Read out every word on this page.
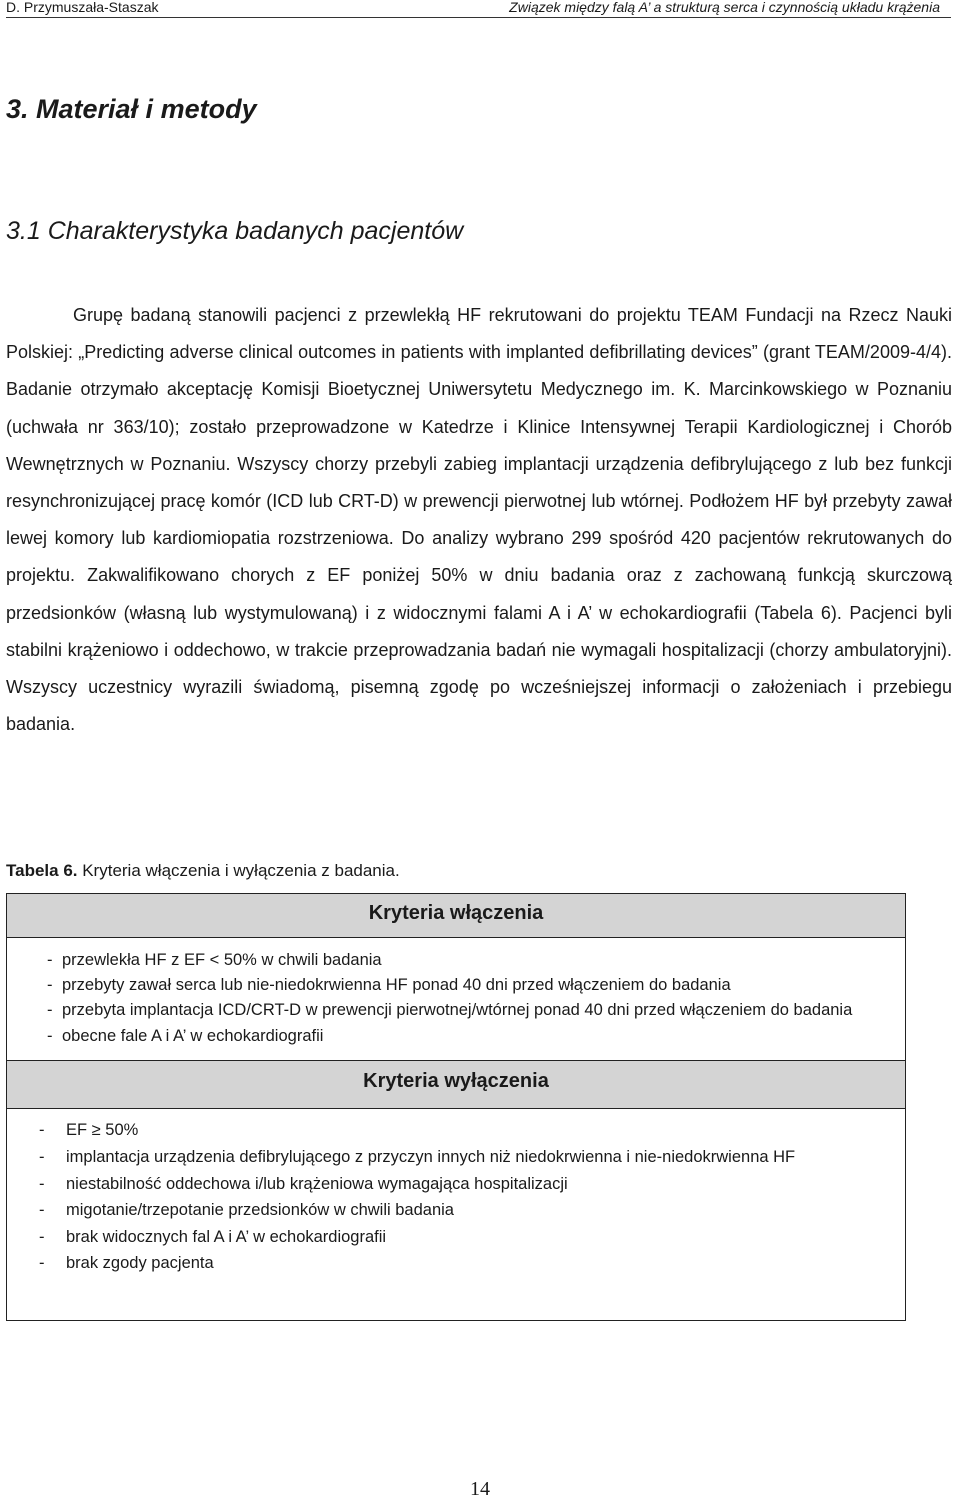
D. Przymuszała-Staszak	Związek między falą A’ a strukturą serca i czynnością układu krążenia
3. Materiał i metody
3.1 Charakterystyka badanych pacjentów

Grupę badaną stanowili pacjenci z przewlekłą HF rekrutowani do projektu TEAM Fundacji na Rzecz Nauki Polskiej: „Predicting adverse clinical outcomes in patients with implanted defibrillating devices” (grant TEAM/2009-4/4). Badanie otrzymało akceptację Komisji Bioetycznej Uniwersytetu Medycznego im. K. Marcinkowskiego w Poznaniu (uchwała nr 363/10); zostało przeprowadzone w Katedrze i Klinice Intensywnej Terapii Kardiologicznej i Chorób Wewnętrznych w Poznaniu. Wszyscy chorzy przebyli zabieg implantacji urządzenia defibrylującego z lub bez funkcji resynchronizującej pracę komór (ICD lub CRT-D) w prewencji pierwotnej lub wtórnej. Podłożem HF był przebyty zawał lewej komory lub kardiomiopatia rozstrzeniowa. Do analizy wybrano 299 spośród 420 pacjentów rekrutowanych do projektu. Zakwalifikowano chorych z EF poniżej 50% w dniu badania oraz z zachowaną funkcją skurczową przedsionków (własną lub wystymulowaną) i z widocznymi falami A i A’ w echokardiografii (Tabela 6). Pacjenci byli stabilni krążeniowo i oddechowo, w trakcie przeprowadzania badań nie wymagali hospitalizacji (chorzy ambulatoryjni). Wszyscy uczestnicy wyrazili świadomą, pisemną zgodę po wcześniejszej informacji o założeniach i przebiegu badania.

Tabela 6. Kryteria włączenia i wyłączenia z badania.

Kryteria włączenia
- przewlekła HF z EF < 50% w chwili badania
- przebyty zawał serca lub nie-niedokrwienna HF ponad 40 dni przed włączeniem do badania
- przebyta implantacja ICD/CRT-D w prewencji pierwotnej/wtórnej ponad 40 dni przed włączeniem do badania
- obecne fale A i A’ w echokardiografii
Kryteria wyłączenia
- EF ≥ 50%
- implantacja urządzenia defibrylującego z przyczyn innych niż niedokrwienna i nie-niedokrwienna HF
- niestabilność oddechowa i/lub krążeniowa wymagająca hospitalizacji
- migotanie/trzepotanie przedsionków w chwili badania
- brak widocznych fal A i A’ w echokardiografii
- brak zgody pacjenta
14
